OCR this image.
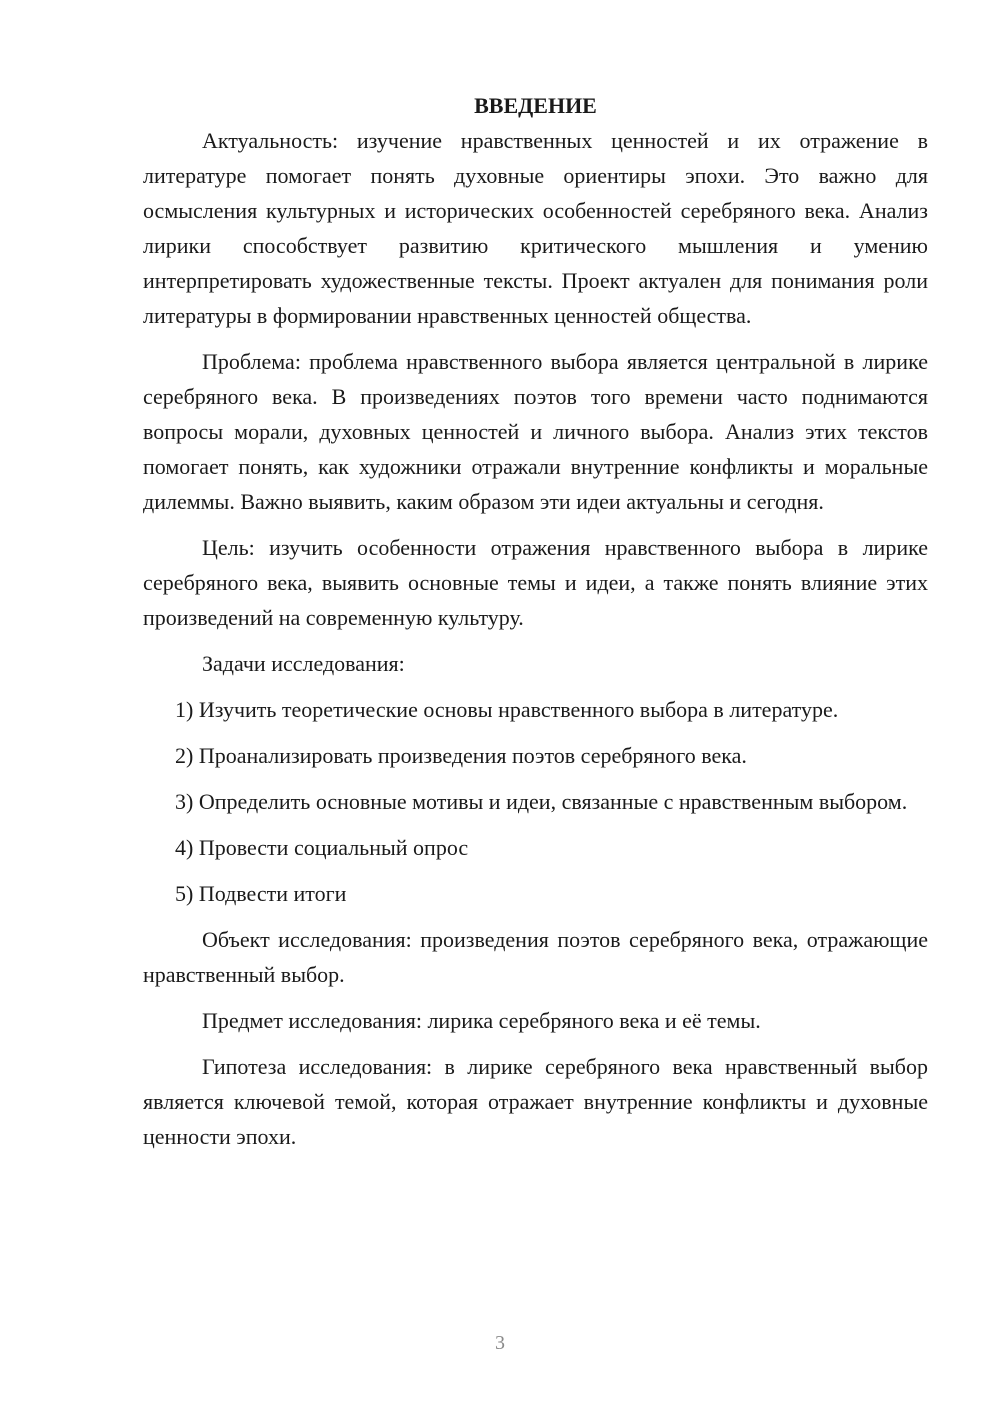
ВВЕДЕНИЕ

Актуальность: изучение нравственных ценностей и их отражение в литературе помогает понять духовные ориентиры эпохи. Это важно для осмысления культурных и исторических особенностей серебряного века. Анализ лирики способствует развитию критического мышления и умению интерпретировать художественные тексты. Проект актуален для понимания роли литературы в формировании нравственных ценностей общества.

Проблема: проблема нравственного выбора является центральной в лирике серебряного века. В произведениях поэтов того времени часто поднимаются вопросы морали, духовных ценностей и личного выбора. Анализ этих текстов помогает понять, как художники отражали внутренние конфликты и моральные дилеммы. Важно выявить, каким образом эти идеи актуальны и сегодня.

Цель: изучить особенности отражения нравственного выбора в лирике серебряного века, выявить основные темы и идеи, а также понять влияние этих произведений на современную культуру.

Задачи исследования:

1) Изучить теоретические основы нравственного выбора в литературе.

2) Проанализировать произведения поэтов серебряного века.

3) Определить основные мотивы и идеи, связанные с нравственным выбором.

4) Провести социальный опрос

5) Подвести итоги

Объект исследования: произведения поэтов серебряного века, отражающие нравственный выбор.

Предмет исследования: лирика серебряного века и её темы.

Гипотеза исследования: в лирике серебряного века нравственный выбор является ключевой темой, которая отражает внутренние конфликты и духовные ценности эпохи.

3
